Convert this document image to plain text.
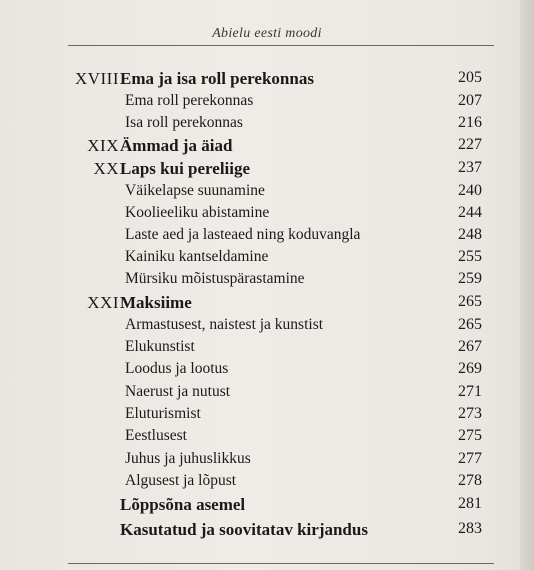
Abielu eesti moodi
XVIII Ema ja isa roll perekonnas	205
Ema roll perekonnas	207
Isa roll perekonnas	216
XIX Ämmad ja äiad	227
XX Laps kui pereliige	237
Väikelapse suunamine	240
Koolieeliku abistamine	244
Laste aed ja lasteaed ning koduvangla	248
Kainiku kantseldamine	255
Mürsiku mõistuspärastamine	259
XXI Maksiime	265
Armastusest, naistest ja kunstist	265
Elukunstist	267
Loodus ja lootus	269
Naerust ja nutust	271
Eluturismist	273
Eestlusest	275
Juhus ja juhuslikkus	277
Algusest ja lõpust	278
Lõppsõna asemel	281
Kasutatud ja soovitatav kirjandus	283
